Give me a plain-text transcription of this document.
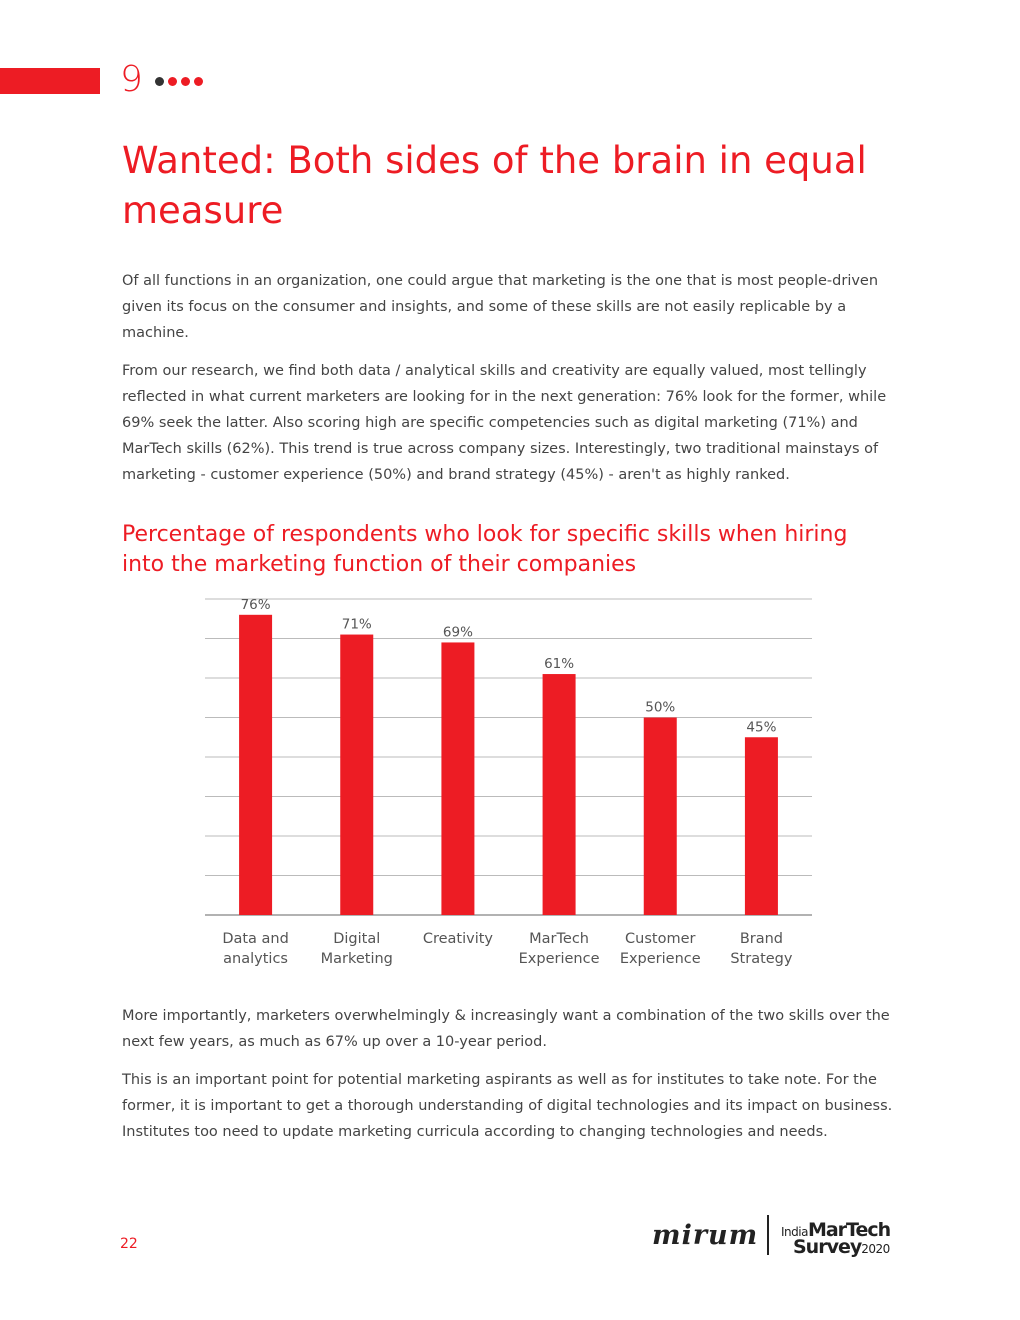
9
Wanted: Both sides of the brain in equal measure

Of all functions in an organization, one could argue that marketing is the one that is most people-driven given its focus on the consumer and insights, and some of these skills are not easily replicable by a machine.

From our research, we find both data / analytical skills and creativity are equally valued, most tellingly reflected in what current marketers are looking for in the next generation: 76% look for the former, while 69% seek the latter. Also scoring high are specific competencies such as digital marketing (71%) and MarTech skills (62%). This trend is true across company sizes. Interestingly, two traditional mainstays of marketing - customer experience (50%) and brand strategy (45%) - aren't as highly ranked.

Percentage of respondents who look for specific skills when hiring into the marketing function of their companies
76%
Data and
analytics
71%
Digital
Marketing
69%
Creativity
61%
MarTech
Experience
50%
Customer
Experience
45%
Brand
Strategy

More importantly, marketers overwhelmingly & increasingly want a combination of the two skills over the next few years, as much as 67% up over a 10-year period.

This is an important point for potential marketing aspirants as well as for institutes to take note. For the former, it is important to get a thorough understanding of digital technologies and its impact on business. Institutes too need to update marketing curricula according to changing technologies and needs.

22	mirum IndiaMarTech
Survey2020
